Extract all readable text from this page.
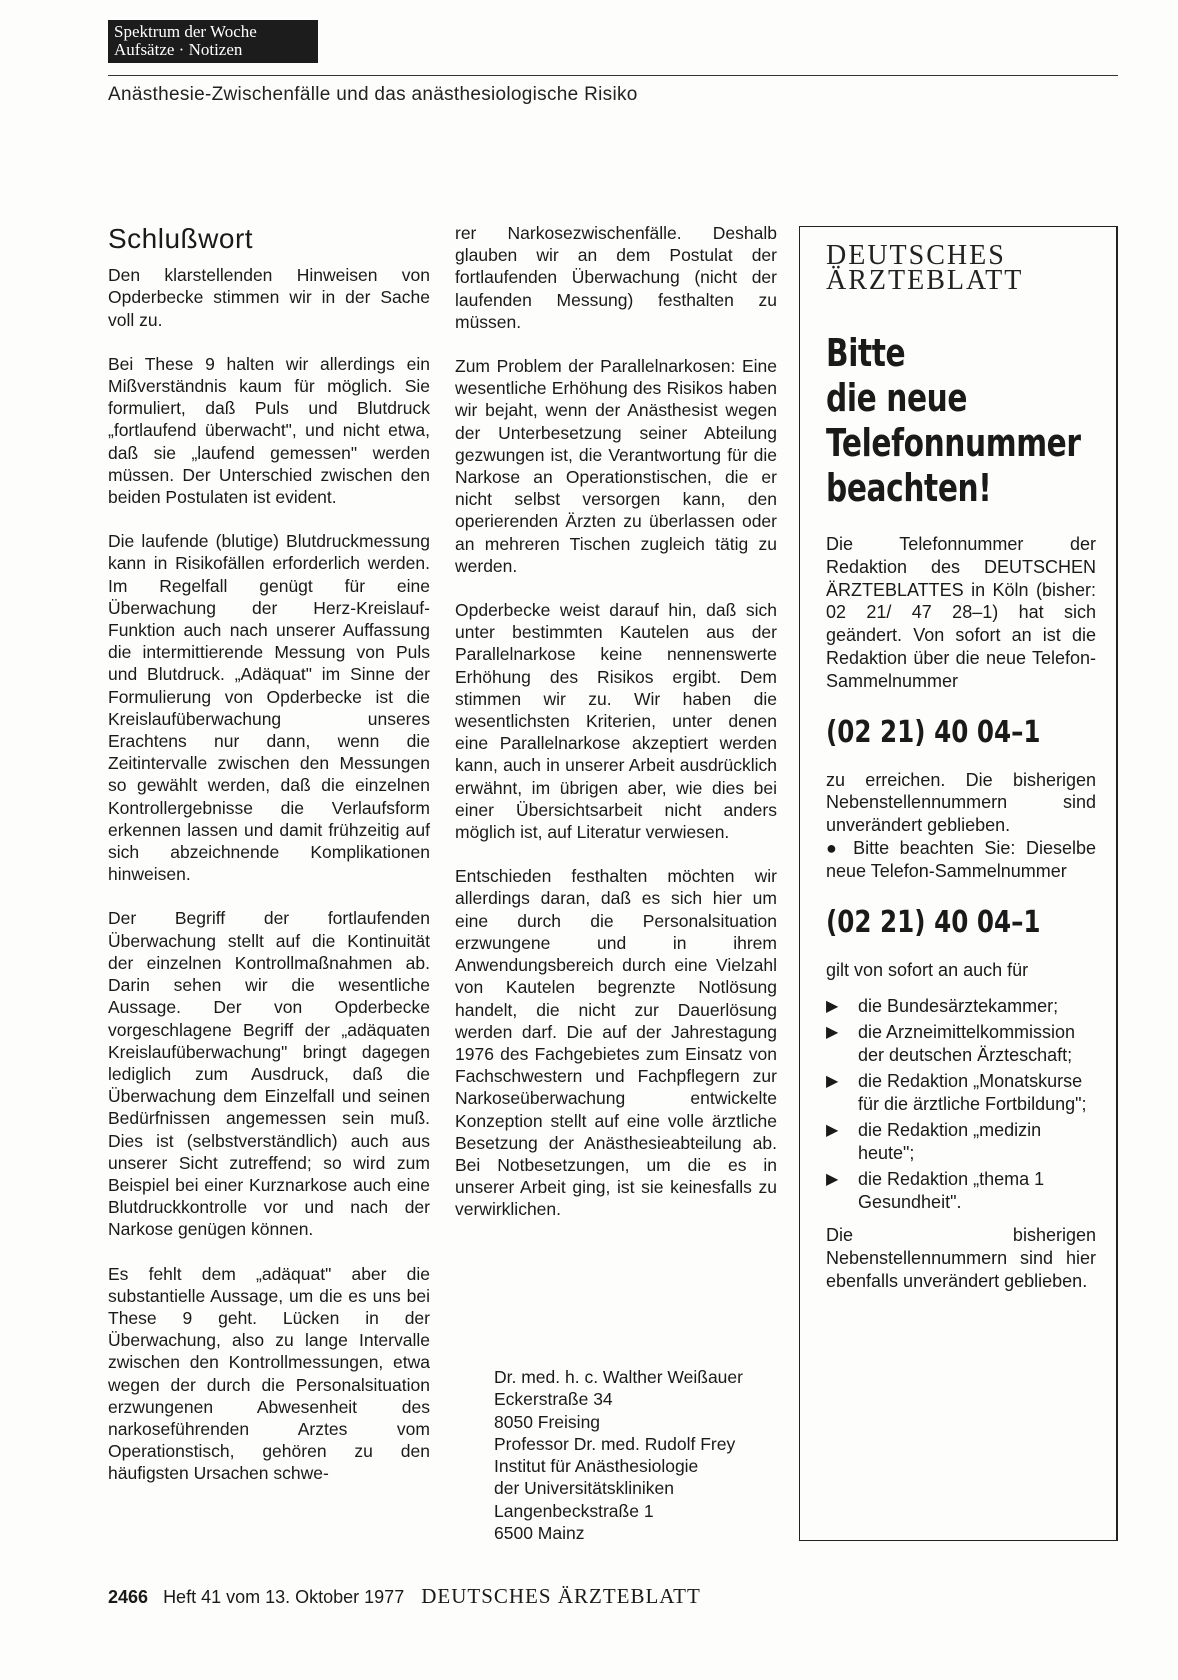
Spektrum der Woche
Aufsätze · Notizen
Anästhesie-Zwischenfälle und das anästhesiologische Risiko
Schlußwort

Den klarstellenden Hinweisen von Opderbecke stimmen wir in der Sache voll zu.

Bei These 9 halten wir allerdings ein Mißverständnis kaum für möglich. Sie formuliert, daß Puls und Blutdruck „fortlaufend überwacht", und nicht etwa, daß sie „laufend gemessen" werden müssen. Der Unterschied zwischen den beiden Postulaten ist evident.

Die laufende (blutige) Blutdruckmessung kann in Risikofällen erforderlich werden. Im Regelfall genügt für eine Überwachung der Herz-Kreislauf-Funktion auch nach unserer Auffassung die intermittierende Messung von Puls und Blutdruck. „Adäquat" im Sinne der Formulierung von Opderbecke ist die Kreislaufüberwachung unseres Erachtens nur dann, wenn die Zeitintervalle zwischen den Messungen so gewählt werden, daß die einzelnen Kontrollergebnisse die Verlaufsform erkennen lassen und damit frühzeitig auf sich abzeichnende Komplikationen hinweisen.

Der Begriff der fortlaufenden Überwachung stellt auf die Kontinuität der einzelnen Kontrollmaßnahmen ab. Darin sehen wir die wesentliche Aussage. Der von Opderbecke vorgeschlagene Begriff der „adäquaten Kreislaufüberwachung" bringt dagegen lediglich zum Ausdruck, daß die Überwachung dem Einzelfall und seinen Bedürfnissen angemessen sein muß. Dies ist (selbstverständlich) auch aus unserer Sicht zutreffend; so wird zum Beispiel bei einer Kurznarkose auch eine Blutdruckkontrolle vor und nach der Narkose genügen können.

Es fehlt dem „adäquat" aber die substantielle Aussage, um die es uns bei These 9 geht. Lücken in der Überwachung, also zu lange Intervalle zwischen den Kontrollmessungen, etwa wegen der durch die Personalsituation erzwungenen Abwesenheit des narkoseführenden Arztes vom Operationstisch, gehören zu den häufigsten Ursachen schwe-

rer Narkosezwischenfälle. Deshalb glauben wir an dem Postulat der fortlaufenden Überwachung (nicht der laufenden Messung) festhalten zu müssen.

Zum Problem der Parallelnarkosen: Eine wesentliche Erhöhung des Risikos haben wir bejaht, wenn der Anästhesist wegen der Unterbesetzung seiner Abteilung gezwungen ist, die Verantwortung für die Narkose an Operationstischen, die er nicht selbst versorgen kann, den operierenden Ärzten zu überlassen oder an mehreren Tischen zugleich tätig zu werden.

Opderbecke weist darauf hin, daß sich unter bestimmten Kautelen aus der Parallelnarkose keine nennenswerte Erhöhung des Risikos ergibt. Dem stimmen wir zu. Wir haben die wesentlichsten Kriterien, unter denen eine Parallelnarkose akzeptiert werden kann, auch in unserer Arbeit ausdrücklich erwähnt, im übrigen aber, wie dies bei einer Übersichtsarbeit nicht anders möglich ist, auf Literatur verwiesen.

Entschieden festhalten möchten wir allerdings daran, daß es sich hier um eine durch die Personalsituation erzwungene und in ihrem Anwendungsbereich durch eine Vielzahl von Kautelen begrenzte Notlösung handelt, die nicht zur Dauerlösung werden darf. Die auf der Jahrestagung 1976 des Fachgebietes zum Einsatz von Fachschwestern und Fachpflegern zur Narkoseüberwachung entwickelte Konzeption stellt auf eine volle ärztliche Besetzung der Anästhesieabteilung ab. Bei Notbesetzungen, um die es in unserer Arbeit ging, ist sie keinesfalls zu verwirklichen.

Dr. med. h. c. Walther Weißauer
Eckerstraße 34
8050 Freising
Professor Dr. med. Rudolf Frey
Institut für Anästhesiologie
der Universitätskliniken
Langenbeckstraße 1
6500 Mainz
DEUTSCHES
ÄRZTEBLATT
Bitte
die neue
Telefonnummer
beachten!

Die Telefonnummer der Redaktion des DEUTSCHEN ÄRZTEBLATTES in Köln (bisher: 02 21/ 47 28–1) hat sich geändert. Von sofort an ist die Redaktion über die neue Telefon-Sammelnummer

(02 21) 40 04–1

zu erreichen. Die bisherigen Nebenstellennummern sind unverändert geblieben.

● Bitte beachten Sie: Dieselbe neue Telefon-Sammelnummer

(02 21) 40 04–1

gilt von sofort an auch für

▶ die Bundesärztekammer;
▶ die Arzneimittelkommission der deutschen Ärzteschaft;
▶ die Redaktion „Monatskurse für die ärztliche Fortbildung";
▶ die Redaktion „medizin heute";
▶ die Redaktion „thema 1 Gesundheit".

Die bisherigen Nebenstellennummern sind hier ebenfalls unverändert geblieben.

2466 Heft 41 vom 13. Oktober 1977 DEUTSCHES ÄRZTEBLATT
